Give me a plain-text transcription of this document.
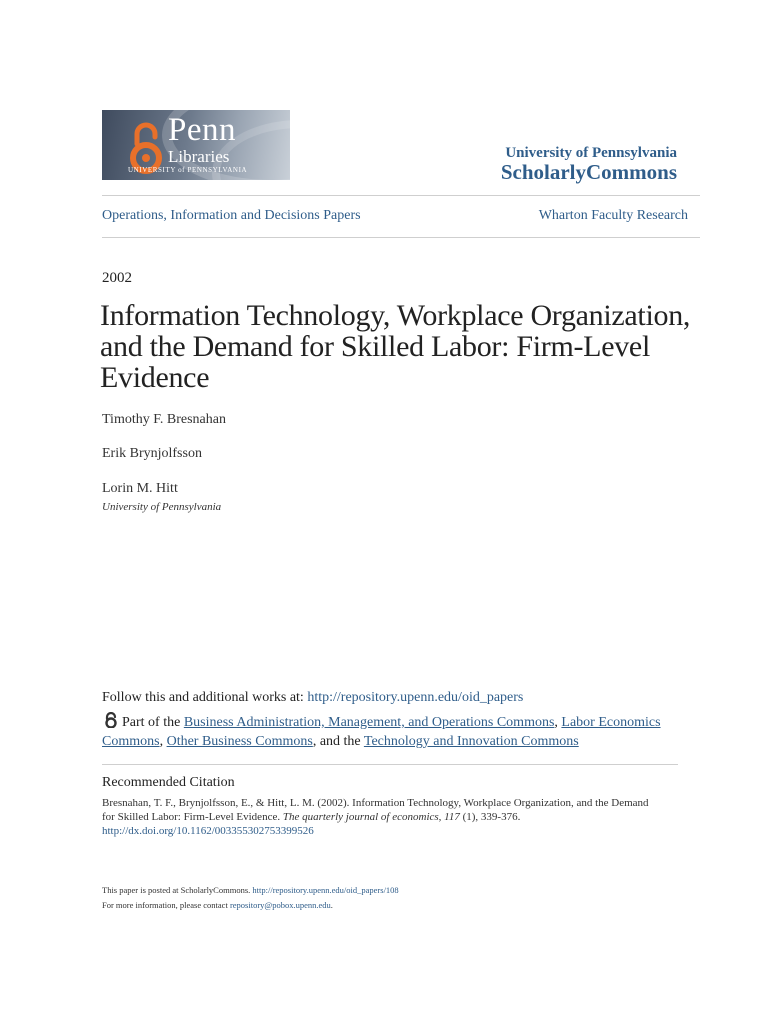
Penn
Libraries
UNIVERSITY of PENNSYLVANIA
University of Pennsylvania
ScholarlyCommons
Operations, Information and Decisions Papers	Wharton Faculty Research
2002
Information Technology, Workplace Organization, and the Demand for Skilled Labor: Firm-Level Evidence
Timothy F. Bresnahan
Erik Brynjolfsson
Lorin M. Hitt
University of Pennsylvania
Follow this and additional works at: http://repository.upenn.edu/oid_papers
Part of the Business Administration, Management, and Operations Commons, Labor Economics Commons, Other Business Commons, and the Technology and Innovation Commons
Recommended Citation
Bresnahan, T. F., Brynjolfsson, E., & Hitt, L. M. (2002). Information Technology, Workplace Organization, and the Demand for Skilled Labor: Firm-Level Evidence. The quarterly journal of economics, 117 (1), 339-376. http://dx.doi.org/10.1162/003355302753399526
This paper is posted at ScholarlyCommons. http://repository.upenn.edu/oid_papers/108
For more information, please contact repository@pobox.upenn.edu.
